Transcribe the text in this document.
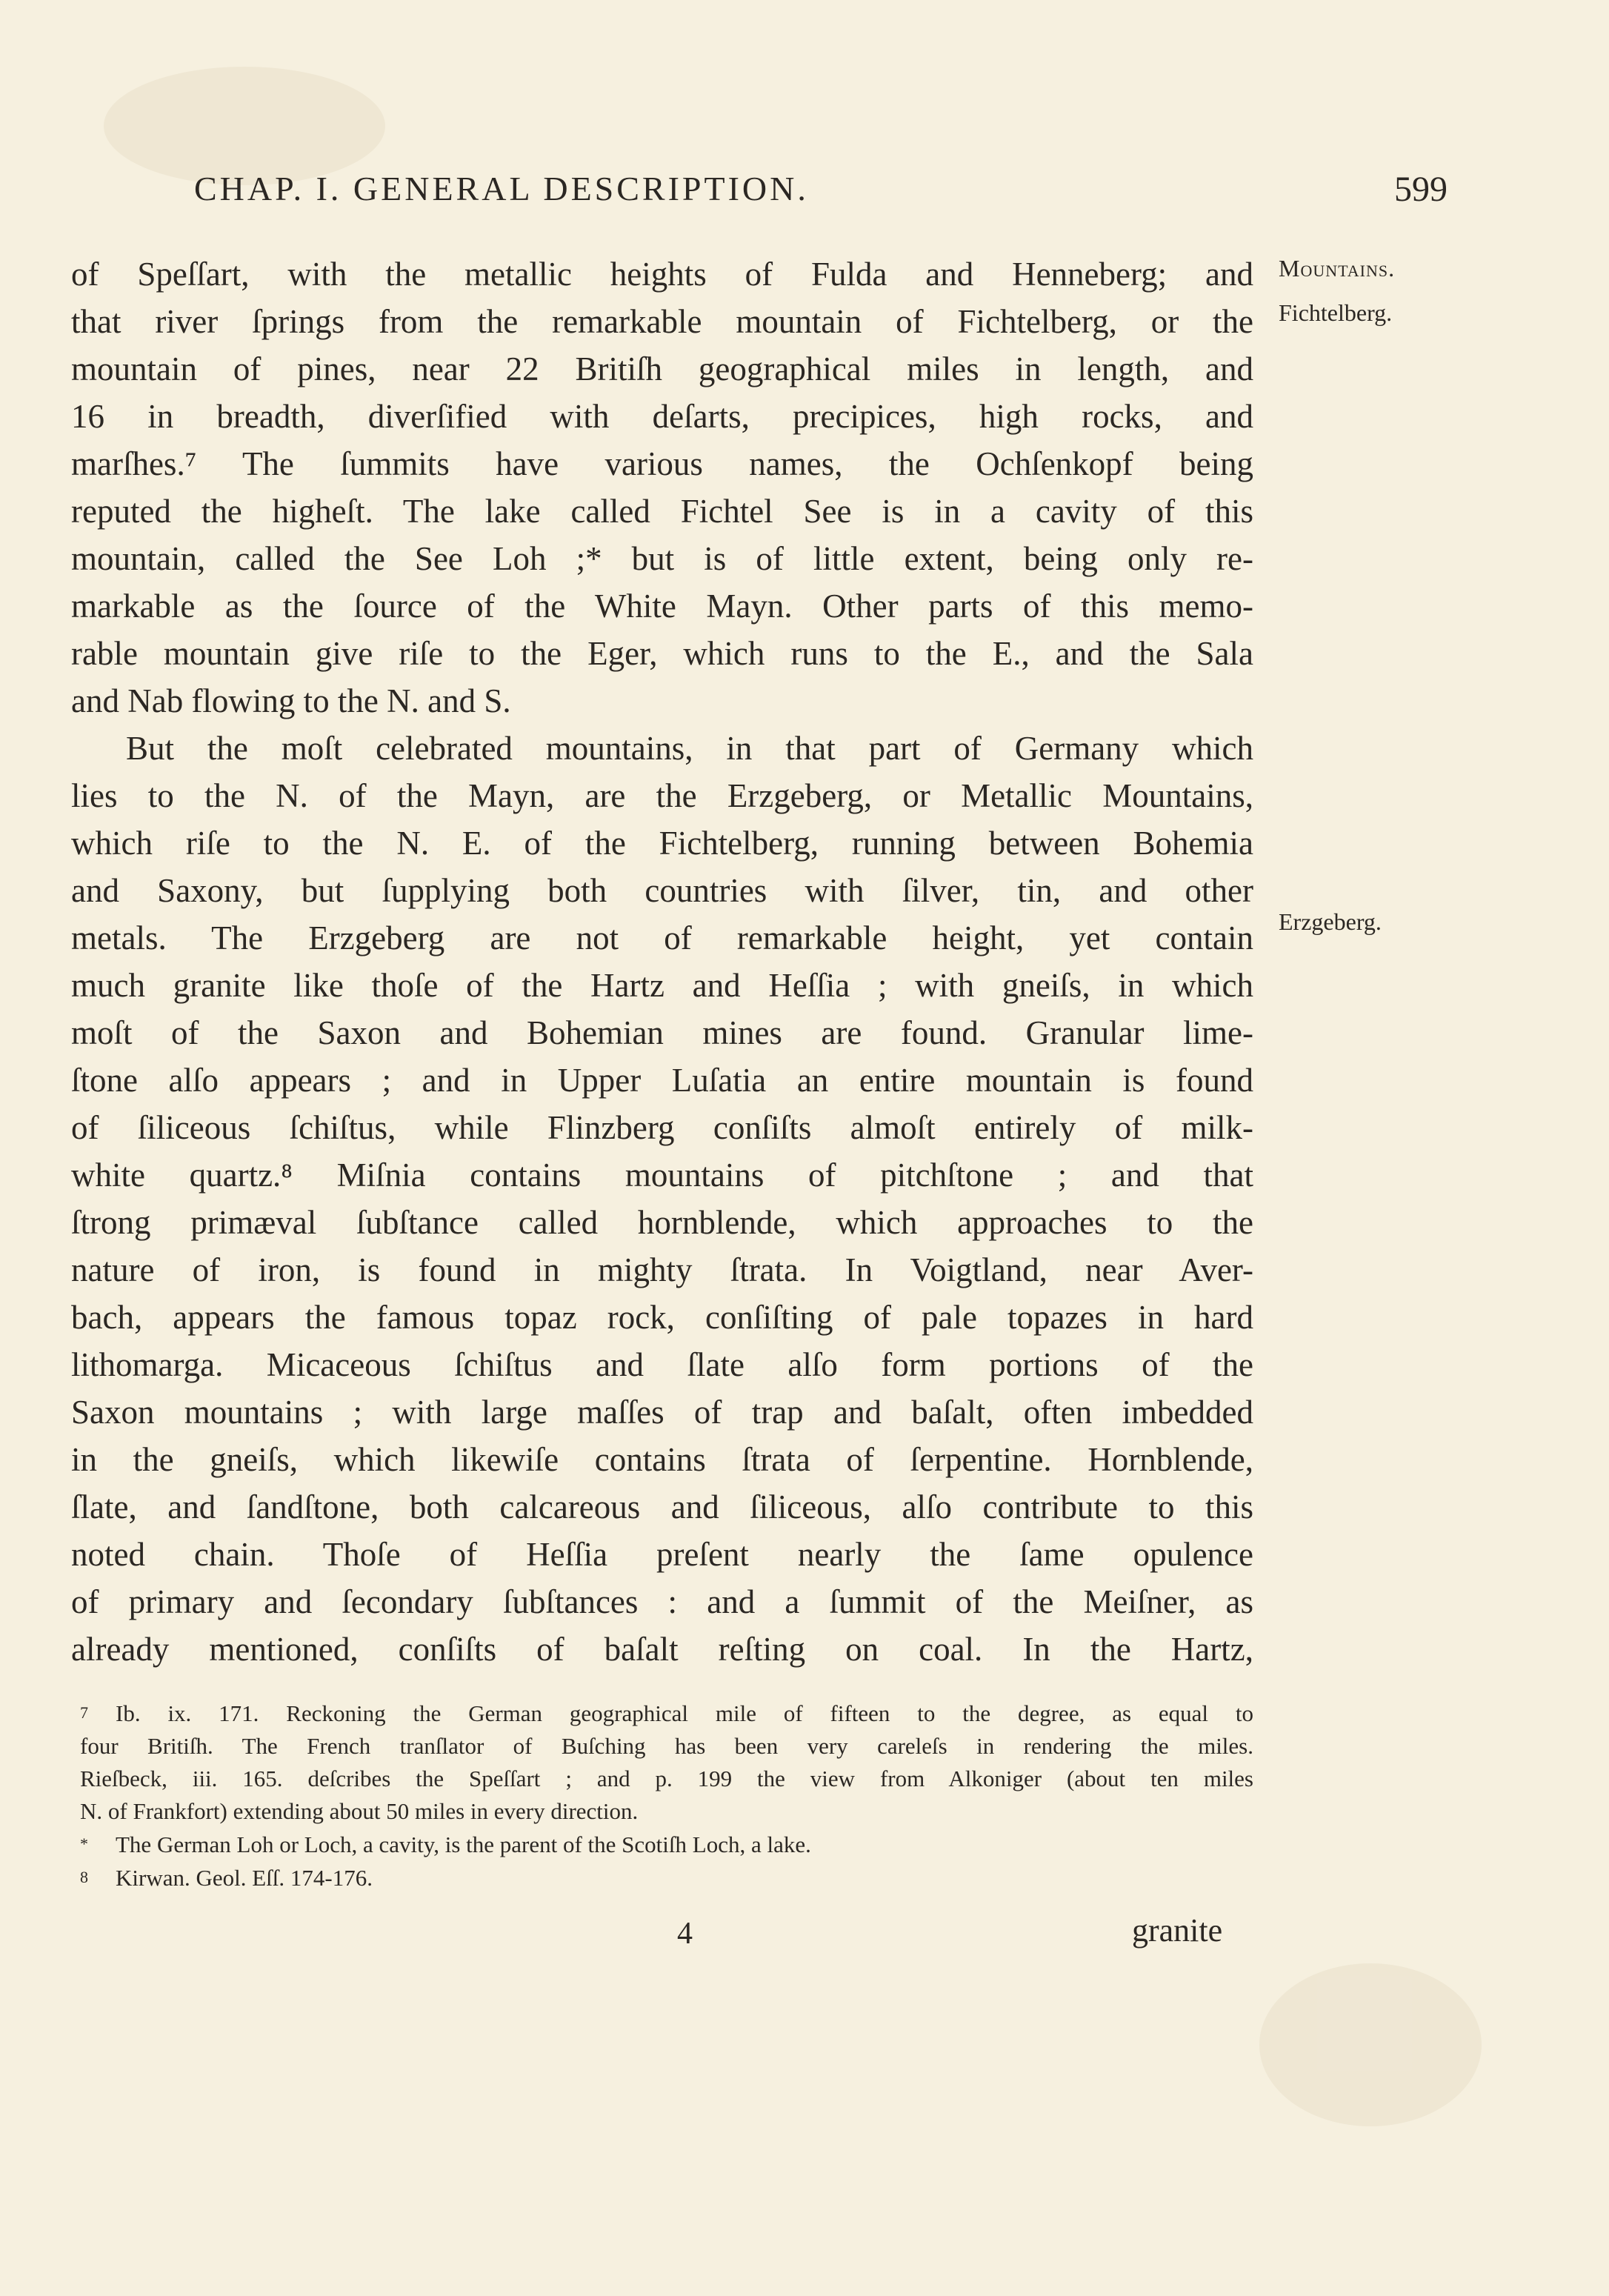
CHAP. I. GENERAL DESCRIPTION.	599
Mountains.
Fichtelberg.
Erzgeberg.
of Speſſart, with the metallic heights of Fulda and Henneberg; and
that river ſprings from the remarkable mountain of Fichtelberg, or the
mountain of pines, near 22 Britiſh geographical miles in length, and
16 in breadth, diverſified with deſarts, precipices, high rocks, and
marſhes.⁷ The ſummits have various names, the Ochſenkopf being
reputed the higheſt. The lake called Fichtel See is in a cavity of this
mountain, called the See Loh ;* but is of little extent, being only re-
markable as the ſource of the White Mayn. Other parts of this memo-
rable mountain give riſe to the Eger, which runs to the E., and the Sala
and Nab flowing to the N. and S.
But the moſt celebrated mountains, in that part of Germany which
lies to the N. of the Mayn, are the Erzgeberg, or Metallic Mountains,
which riſe to the N. E. of the Fichtelberg, running between Bohemia
and Saxony, but ſupplying both countries with ſilver, tin, and other
metals. The Erzgeberg are not of remarkable height, yet contain
much granite like thoſe of the Hartz and Heſſia ; with gneiſs, in which
moſt of the Saxon and Bohemian mines are found. Granular lime-
ſtone alſo appears ; and in Upper Luſatia an entire mountain is found
of ſiliceous ſchiſtus, while Flinzberg conſiſts almoſt entirely of milk-
white quartz.⁸ Miſnia contains mountains of pitchſtone ; and that
ſtrong primæval ſubſtance called hornblende, which approaches to the
nature of iron, is found in mighty ſtrata. In Voigtland, near Aver-
bach, appears the famous topaz rock, conſiſting of pale topazes in hard
lithomarga. Micaceous ſchiſtus and ſlate alſo form portions of the
Saxon mountains ; with large maſſes of trap and baſalt, often imbedded
in the gneiſs, which likewiſe contains ſtrata of ſerpentine. Hornblende,
ſlate, and ſandſtone, both calcareous and ſiliceous, alſo contribute to this
noted chain. Thoſe of Heſſia preſent nearly the ſame opulence
of primary and ſecondary ſubſtances : and a ſummit of the Meiſner, as
already mentioned, conſiſts of baſalt reſting on coal. In the Hartz,
7 Ib. ix. 171. Reckoning the German geographical mile of fifteen to the degree, as equal to
four Britiſh. The French tranſlator of Buſching has been very careleſs in rendering the miles.
Rieſbeck, iii. 165. deſcribes the Speſſart ; and p. 199 the view from Alkoniger (about ten miles
N. of Frankfort) extending about 50 miles in every direction.
* The German Loh or Loch, a cavity, is the parent of the Scotiſh Loch, a lake.
8 Kirwan. Geol. Eſſ. 174-176.
4	granite
